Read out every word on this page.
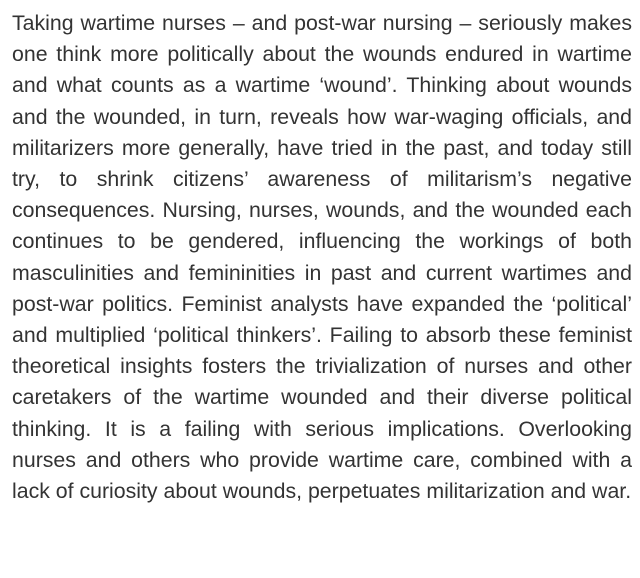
Taking wartime nurses – and post-war nursing – seriously makes one think more politically about the wounds endured in wartime and what counts as a wartime ‘wound’. Thinking about wounds and the wounded, in turn, reveals how war-waging officials, and militarizers more generally, have tried in the past, and today still try, to shrink citizens’ awareness of militarism’s negative consequences. Nursing, nurses, wounds, and the wounded each continues to be gendered, influencing the workings of both masculinities and femininities in past and current wartimes and post-war politics. Feminist analysts have expanded the ‘political’ and multiplied ‘political thinkers’. Failing to absorb these feminist theoretical insights fosters the trivialization of nurses and other caretakers of the wartime wounded and their diverse political thinking. It is a failing with serious implications. Overlooking nurses and others who provide wartime care, combined with a lack of curiosity about wounds, perpetuates militarization and war.
